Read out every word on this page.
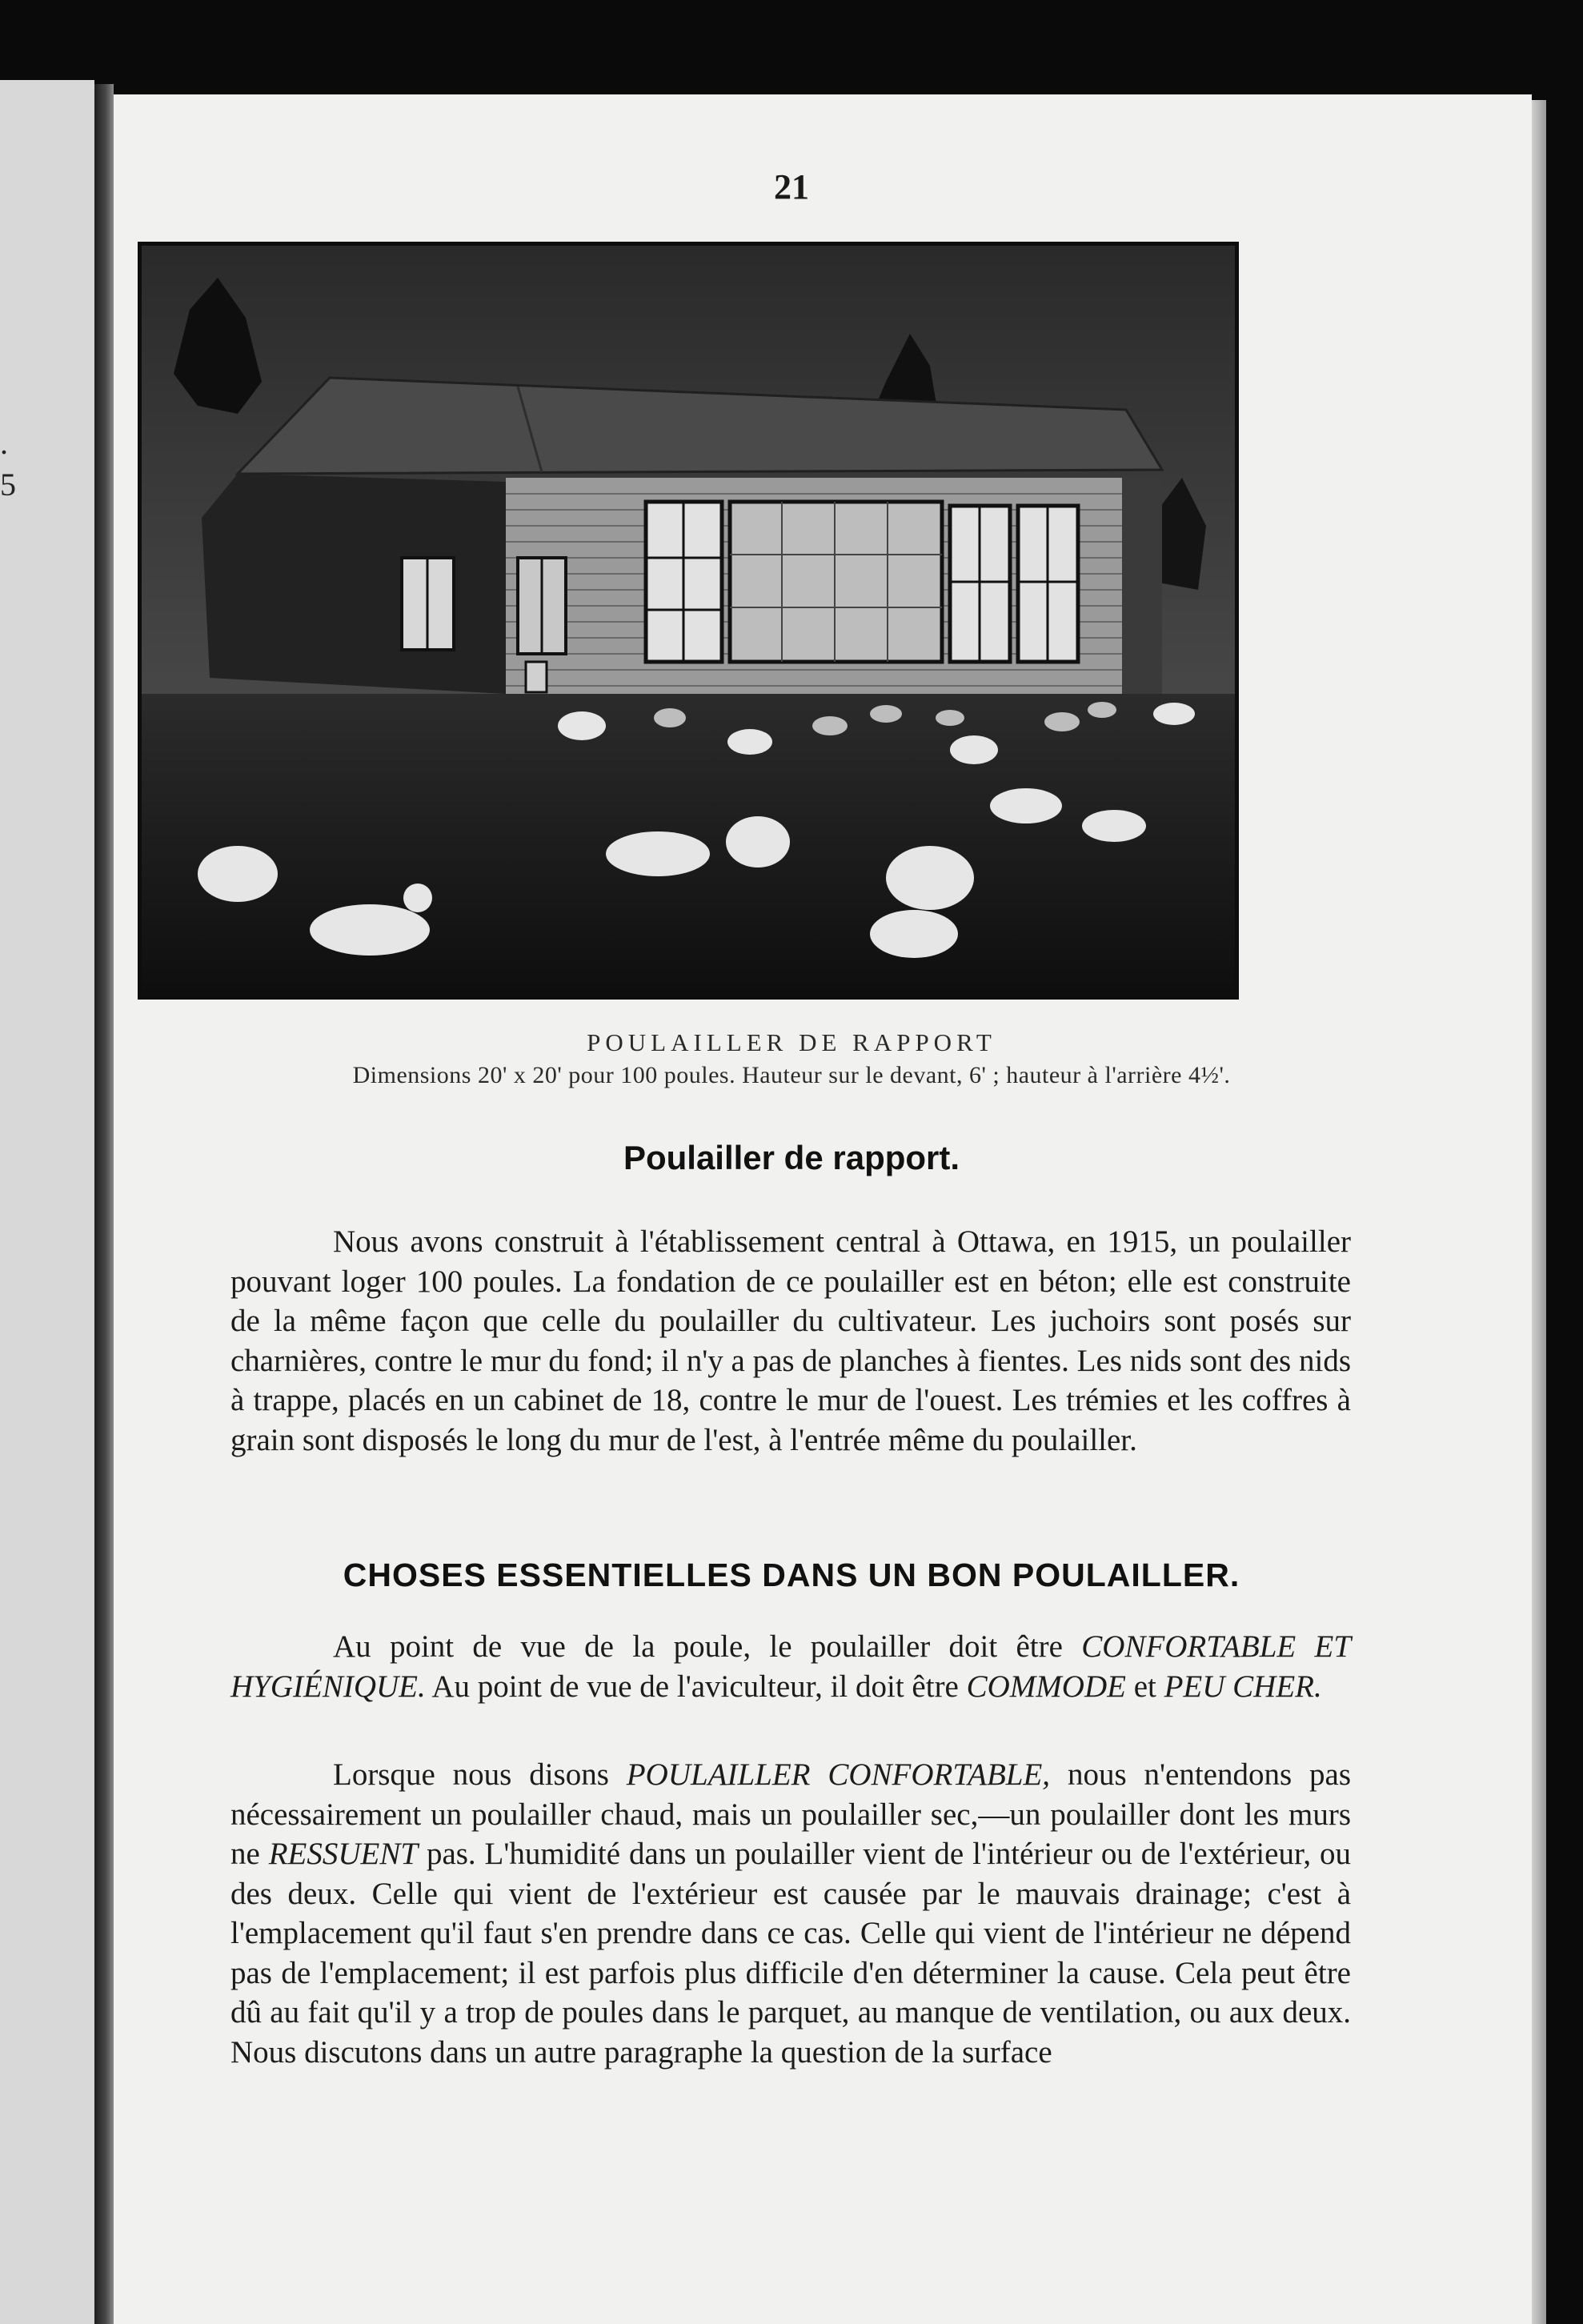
.
5
21
POULAILLER DE RAPPORT
Dimensions 20' x 20' pour 100 poules. Hauteur sur le devant, 6' ; hauteur à l'arrière 4½'.
Poulailler de rapport.
Nous avons construit à l'établissement central à Ottawa, en 1915, un poulailler pouvant loger 100 poules. La fondation de ce poulailler est en béton; elle est construite de la même façon que celle du poulailler du cultivateur. Les juchoirs sont posés sur charnières, contre le mur du fond; il n'y a pas de planches à fientes. Les nids sont des nids à trappe, placés en un cabinet de 18, contre le mur de l'ouest. Les trémies et les coffres à grain sont disposés le long du mur de l'est, à l'entrée même du poulailler.
CHOSES ESSENTIELLES DANS UN BON POULAILLER.
Au point de vue de la poule, le poulailler doit être CONFORTABLE ET HYGIÉNIQUE. Au point de vue de l'aviculteur, il doit être COMMODE et PEU CHER.
Lorsque nous disons POULAILLER CONFORTABLE, nous n'entendons pas nécessairement un poulailler chaud, mais un poulailler sec,—un poulailler dont les murs ne RESSUENT pas. L'humidité dans un poulailler vient de l'intérieur ou de l'extérieur, ou des deux. Celle qui vient de l'extérieur est causée par le mauvais drainage; c'est à l'emplacement qu'il faut s'en prendre dans ce cas. Celle qui vient de l'intérieur ne dépend pas de l'emplacement; il est parfois plus difficile d'en déterminer la cause. Cela peut être dû au fait qu'il y a trop de poules dans le parquet, au manque de ventilation, ou aux deux. Nous discutons dans un autre paragraphe la question de la surface
